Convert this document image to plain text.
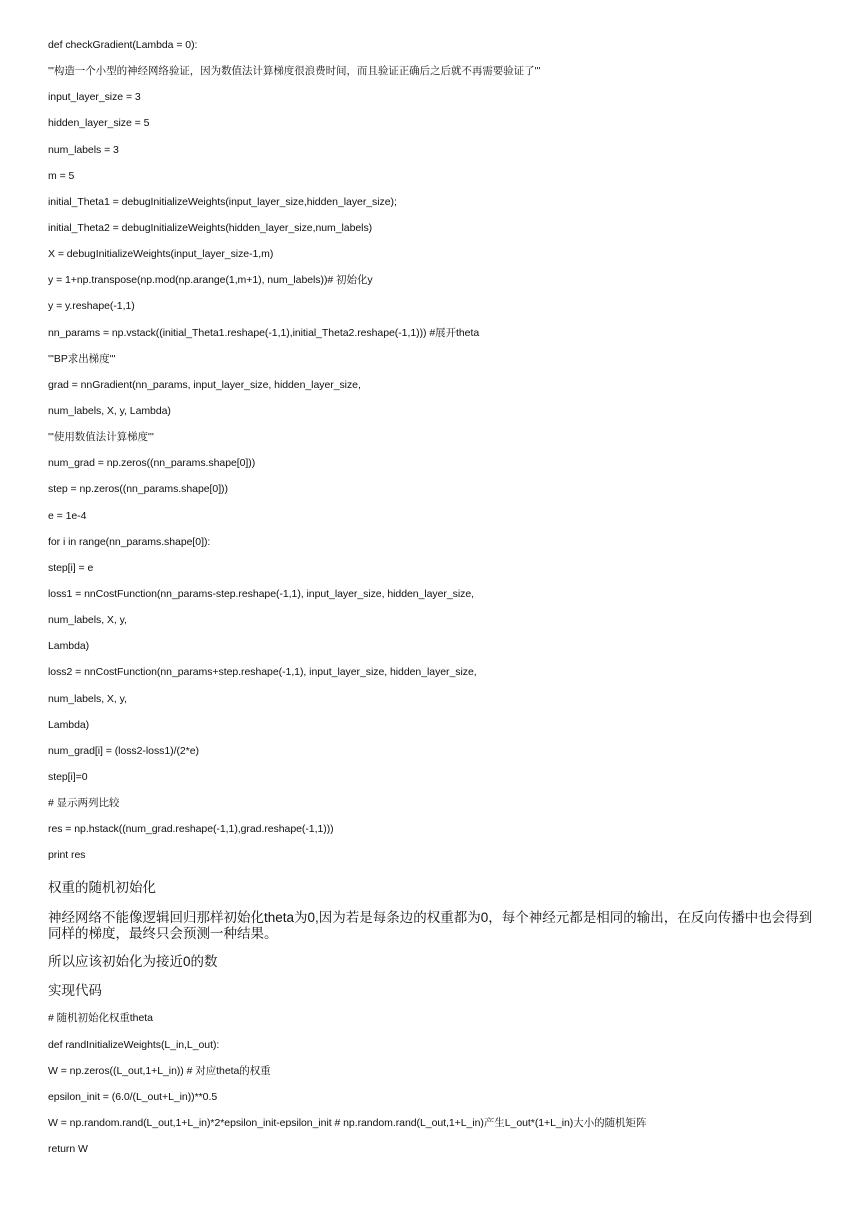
def checkGradient(Lambda = 0):
'''构造一个小型的神经网络验证，因为数值法计算梯度很浪费时间，而且验证正确后之后就不再需要验证了'''
input_layer_size = 3
hidden_layer_size = 5
num_labels = 3
m = 5
initial_Theta1 = debugInitializeWeights(input_layer_size,hidden_layer_size);
initial_Theta2 = debugInitializeWeights(hidden_layer_size,num_labels)
X = debugInitializeWeights(input_layer_size-1,m)
y = 1+np.transpose(np.mod(np.arange(1,m+1), num_labels))# 初始化y
y = y.reshape(-1,1)
nn_params = np.vstack((initial_Theta1.reshape(-1,1),initial_Theta2.reshape(-1,1))) #展开theta
'''BP求出梯度'''
grad = nnGradient(nn_params, input_layer_size, hidden_layer_size,
num_labels, X, y, Lambda)
'''使用数值法计算梯度'''
num_grad = np.zeros((nn_params.shape[0]))
step = np.zeros((nn_params.shape[0]))
e = 1e-4
for i in range(nn_params.shape[0]):
step[i] = e
loss1 = nnCostFunction(nn_params-step.reshape(-1,1), input_layer_size, hidden_layer_size,
num_labels, X, y,
Lambda)
loss2 = nnCostFunction(nn_params+step.reshape(-1,1), input_layer_size, hidden_layer_size,
num_labels, X, y,
Lambda)
num_grad[i] = (loss2-loss1)/(2*e)
step[i]=0
# 显示两列比较
res = np.hstack((num_grad.reshape(-1,1),grad.reshape(-1,1)))
print res

权重的随机初始化

神经网络不能像逻辑回归那样初始化theta为0,因为若是每条边的权重都为0，每个神经元都是相同的输出，在反向传播中也会得到同样的梯度，最终只会预测一种结果。

所以应该初始化为接近0的数

实现代码

# 随机初始化权重theta
def randInitializeWeights(L_in,L_out):
W = np.zeros((L_out,1+L_in)) # 对应theta的权重
epsilon_init = (6.0/(L_out+L_in))**0.5
W = np.random.rand(L_out,1+L_in)*2*epsilon_init-epsilon_init # np.random.rand(L_out,1+L_in)产生L_out*(1+L_in)大小的随机矩阵
return W
